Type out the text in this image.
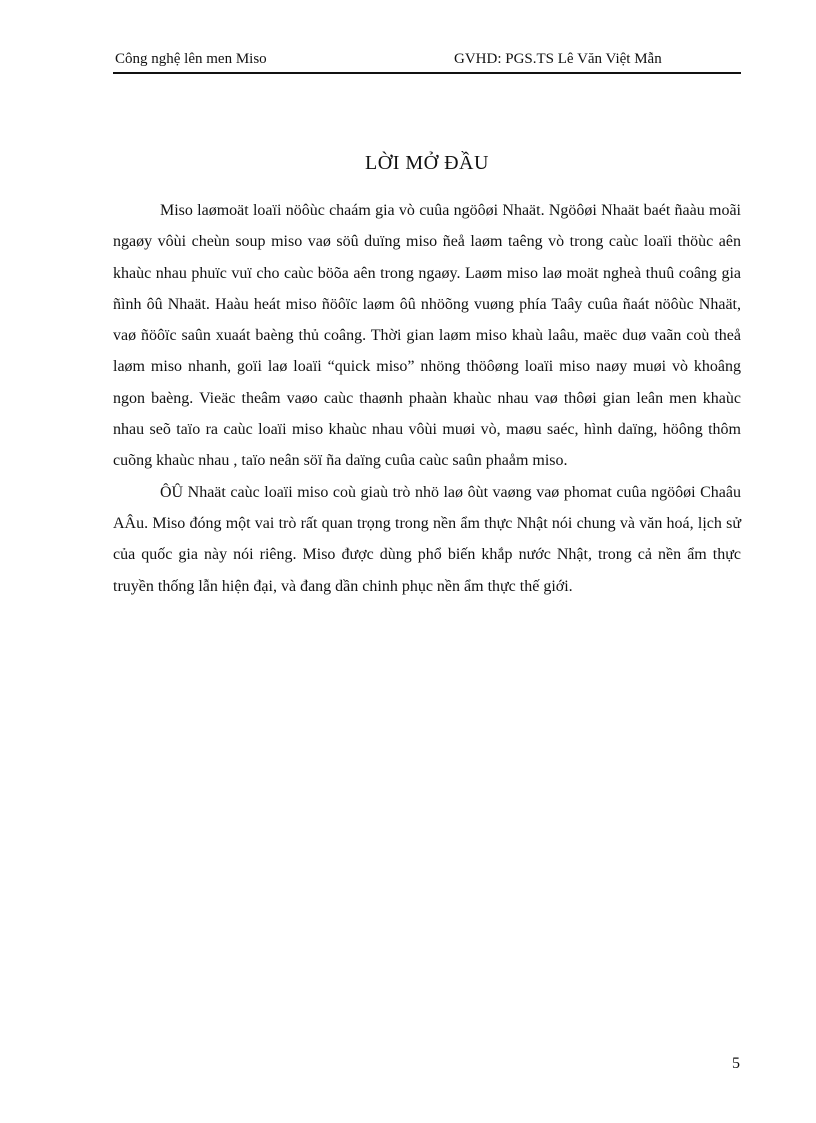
Công nghệ lên men Miso	GVHD: PGS.TS Lê Văn Việt Mẫn
LỜI MỞ ĐẦU

Miso laømoät loaïi nöôùc chaám gia vò cuûa ngöôøi Nhaät. Ngöôøi Nhaät baét ñaàu moãi ngaøy vôùi cheùn soup miso vaø söû duïng miso ñeå laøm taêng vò trong caùc loaïi thöùc aên khaùc nhau phuïc vuï cho caùc böõa aên trong ngaøy. Laøm miso laø moät ngheà thuû coâng gia ñình ôû Nhaät. Haàu heát miso ñöôïc laøm ôû nhöõng vuøng phía Taây cuûa ñaát nöôùc Nhaät, vaø ñöôïc saûn xuaát baèng thủ coâng. Thời gian laøm miso khaù laâu, maëc duø vaãn coù theå laøm miso nhanh, goïi laø loaïi “quick miso” nhöng thöôøng loaïi miso naøy muøi vò khoâng ngon baèng. Vieäc theâm vaøo caùc thaønh phaàn khaùc nhau vaø thôøi gian leân men khaùc nhau seõ taïo ra caùc loaïi miso khaùc nhau vôùi muøi vò, maøu saéc, hình daïng, höông thôm cuõng khaùc nhau , taïo neân söï ña daïng cuûa caùc saûn phaåm miso.

ÔÛ Nhaät caùc loaïi miso coù giaù trò nhö laø ôùt vaøng vaø phomat cuûa ngöôøi Chaâu AÂu. Miso đóng một vai trò rất quan trọng trong nền ẩm thực Nhật nói chung và văn hoá, lịch sử của quốc gia này nói riêng. Miso được dùng phổ biến khắp nước Nhật, trong cả nền ẩm thực truyền thống lẫn hiện đại, và đang dần chinh phục nền ẩm thực thế giới.

5
